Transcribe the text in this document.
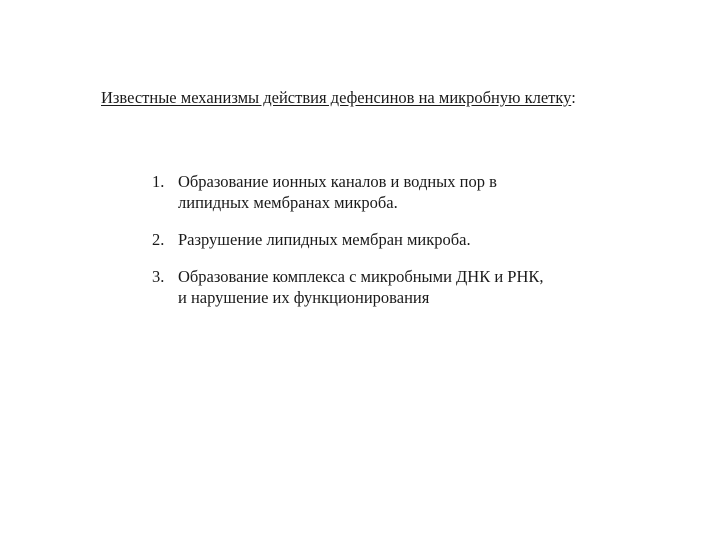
Известные механизмы действия дефенсинов на микробную клетку:
1. Образование ионных каналов и водных пор в
липидных мембранах микроба.
2. Разрушение липидных мембран микроба.
3. Образование комплекса с микробными ДНК и РНК,
и нарушение их функционирования
